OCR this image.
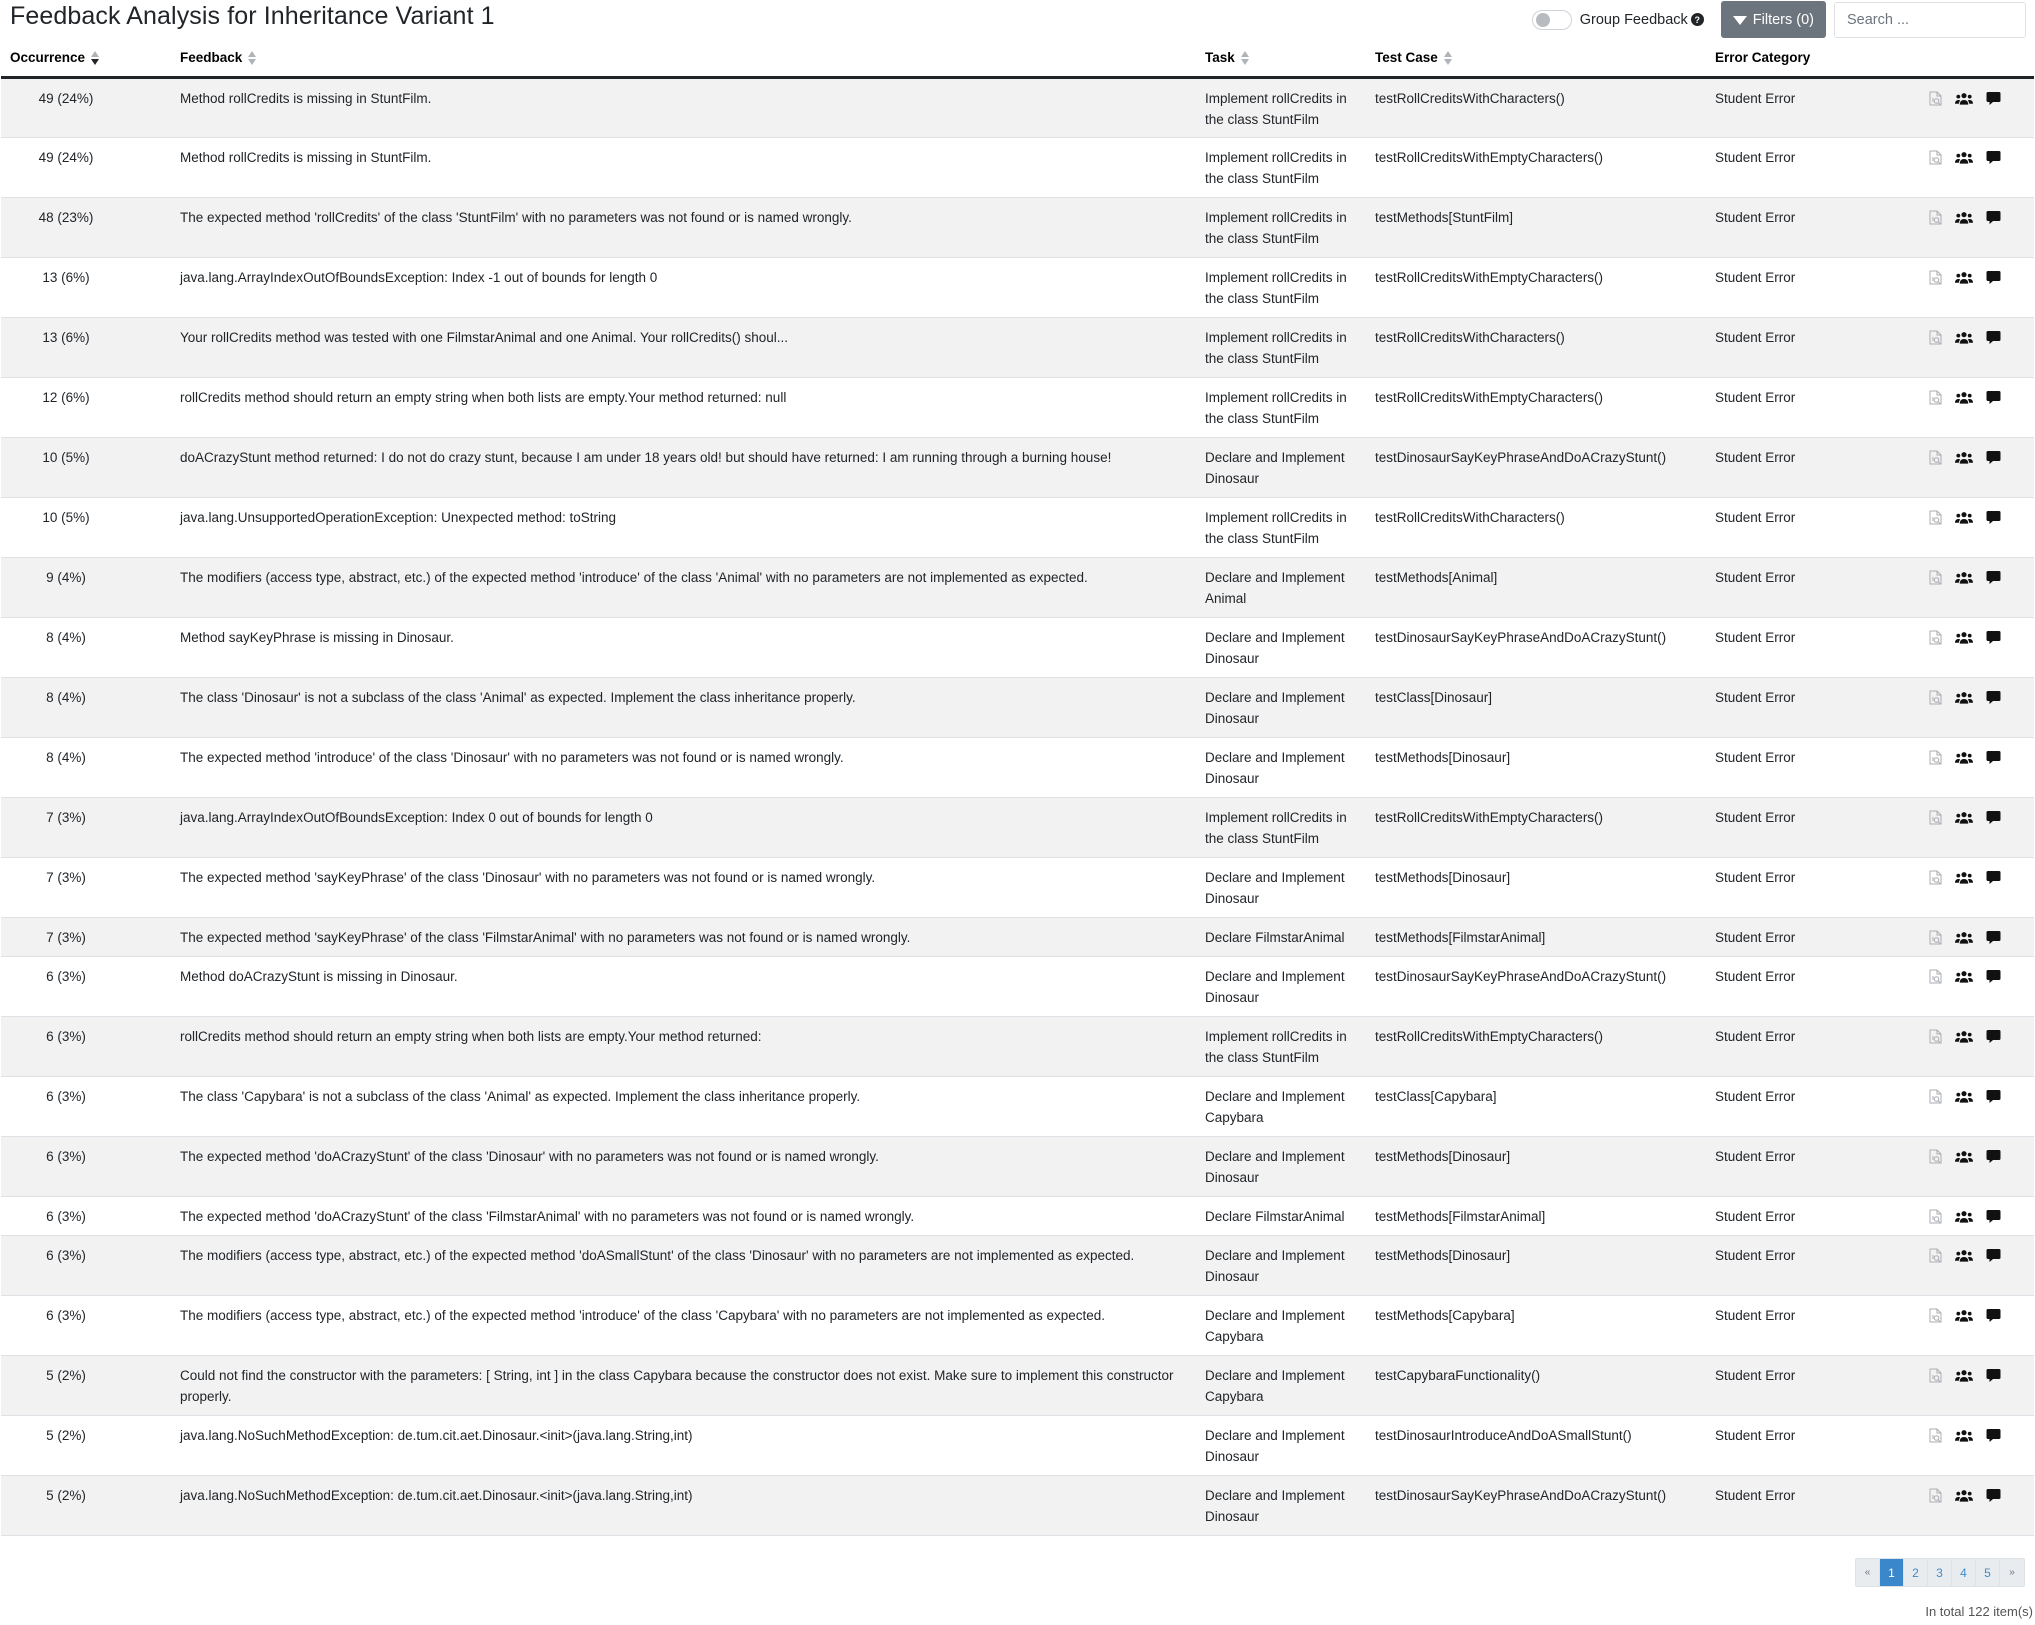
Feedback Analysis for Inheritance Variant 1	Group Feedback ?	Filters (0)
Search ...
Occurrence	Feedback	Task	Test Case	Error Category	
49 (24%)	Method rollCredits is missing in StuntFilm.	Implement rollCredits in the class StuntFilm	testRollCreditsWithCharacters()	Student Error	

49 (24%)	Method rollCredits is missing in StuntFilm.	Implement rollCredits in the class StuntFilm	testRollCreditsWithEmptyCharacters()	Student Error	

48 (23%)	The expected method 'rollCredits' of the class 'StuntFilm' with no parameters was not found or is named wrongly.	Implement rollCredits in the class StuntFilm	testMethods[StuntFilm]	Student Error	

13 (6%)	java.lang.ArrayIndexOutOfBoundsException: Index -1 out of bounds for length 0	Implement rollCredits in the class StuntFilm	testRollCreditsWithEmptyCharacters()	Student Error	

13 (6%)	Your rollCredits method was tested with one FilmstarAnimal and one Animal. Your rollCredits() shoul...	Implement rollCredits in the class StuntFilm	testRollCreditsWithCharacters()	Student Error	

12 (6%)	rollCredits method should return an empty string when both lists are empty.Your method returned: null	Implement rollCredits in the class StuntFilm	testRollCreditsWithEmptyCharacters()	Student Error	

10 (5%)	doACrazyStunt method returned: I do not do crazy stunt, because I am under 18 years old! but should have returned: I am running through a burning house!	Declare and Implement Dinosaur	testDinosaurSayKeyPhraseAndDoACrazyStunt()	Student Error	

10 (5%)	java.lang.UnsupportedOperationException: Unexpected method: toString	Implement rollCredits in the class StuntFilm	testRollCreditsWithCharacters()	Student Error	

9 (4%)	The modifiers (access type, abstract, etc.) of the expected method 'introduce' of the class 'Animal' with no parameters are not implemented as expected.	Declare and Implement Animal	testMethods[Animal]	Student Error	

8 (4%)	Method sayKeyPhrase is missing in Dinosaur.	Declare and Implement Dinosaur	testDinosaurSayKeyPhraseAndDoACrazyStunt()	Student Error	

8 (4%)	The class 'Dinosaur' is not a subclass of the class 'Animal' as expected. Implement the class inheritance properly.	Declare and Implement Dinosaur	testClass[Dinosaur]	Student Error	

8 (4%)	The expected method 'introduce' of the class 'Dinosaur' with no parameters was not found or is named wrongly.	Declare and Implement Dinosaur	testMethods[Dinosaur]	Student Error	

7 (3%)	java.lang.ArrayIndexOutOfBoundsException: Index 0 out of bounds for length 0	Implement rollCredits in the class StuntFilm	testRollCreditsWithEmptyCharacters()	Student Error	

7 (3%)	The expected method 'sayKeyPhrase' of the class 'Dinosaur' with no parameters was not found or is named wrongly.	Declare and Implement Dinosaur	testMethods[Dinosaur]	Student Error	

7 (3%)	The expected method 'sayKeyPhrase' of the class 'FilmstarAnimal' with no parameters was not found or is named wrongly.	Declare FilmstarAnimal	testMethods[FilmstarAnimal]	Student Error	

6 (3%)	Method doACrazyStunt is missing in Dinosaur.	Declare and Implement Dinosaur	testDinosaurSayKeyPhraseAndDoACrazyStunt()	Student Error	

6 (3%)	rollCredits method should return an empty string when both lists are empty.Your method returned:	Implement rollCredits in the class StuntFilm	testRollCreditsWithEmptyCharacters()	Student Error	

6 (3%)	The class 'Capybara' is not a subclass of the class 'Animal' as expected. Implement the class inheritance properly.	Declare and Implement Capybara	testClass[Capybara]	Student Error	

6 (3%)	The expected method 'doACrazyStunt' of the class 'Dinosaur' with no parameters was not found or is named wrongly.	Declare and Implement Dinosaur	testMethods[Dinosaur]	Student Error	

6 (3%)	The expected method 'doACrazyStunt' of the class 'FilmstarAnimal' with no parameters was not found or is named wrongly.	Declare FilmstarAnimal	testMethods[FilmstarAnimal]	Student Error	

6 (3%)	The modifiers (access type, abstract, etc.) of the expected method 'doASmallStunt' of the class 'Dinosaur' with no parameters are not implemented as expected.	Declare and Implement Dinosaur	testMethods[Dinosaur]	Student Error	

6 (3%)	The modifiers (access type, abstract, etc.) of the expected method 'introduce' of the class 'Capybara' with no parameters are not implemented as expected.	Declare and Implement Capybara	testMethods[Capybara]	Student Error	

5 (2%)	Could not find the constructor with the parameters: [ String, int ] in the class Capybara because the constructor does not exist. Make sure to implement this constructor properly.	Declare and Implement Capybara	testCapybaraFunctionality()	Student Error	

5 (2%)	java.lang.NoSuchMethodException: de.tum.cit.aet.Dinosaur.<init>(java.lang.String,int)	Declare and Implement Dinosaur	testDinosaurIntroduceAndDoASmallStunt()	Student Error	

5 (2%)	java.lang.NoSuchMethodException: de.tum.cit.aet.Dinosaur.<init>(java.lang.String,int)	Declare and Implement Dinosaur	testDinosaurSayKeyPhraseAndDoACrazyStunt()	Student Error	
«	1	2	3	4	5	»
In total 122 item(s)
